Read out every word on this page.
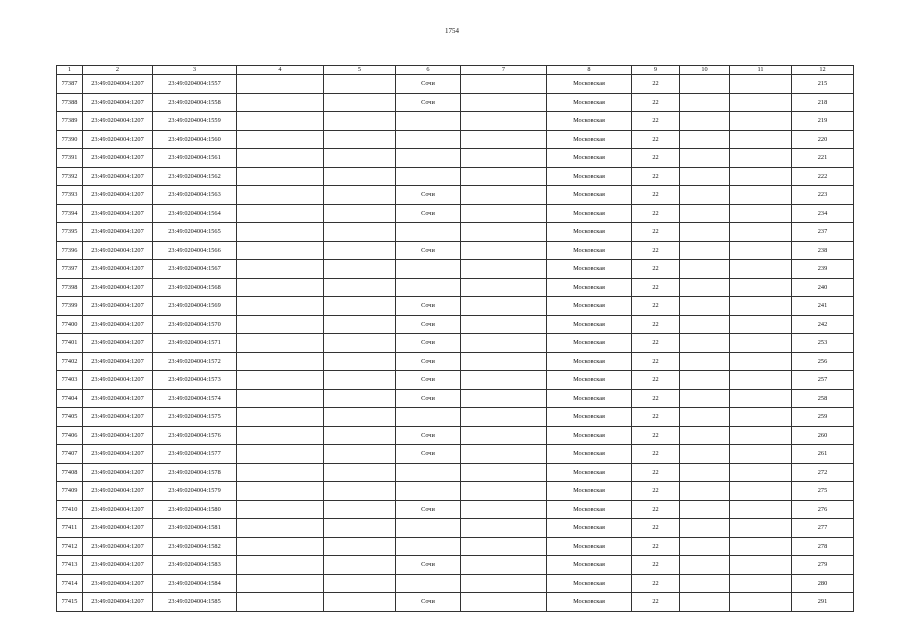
1754
1	2	3	4	5	6	7	8	9	10	11	12
77387	23:49:0204004:1207	23:49:0204004:1557			Сочи		Московская	22			215
77388	23:49:0204004:1207	23:49:0204004:1558			Сочи		Московская	22			218
77389	23:49:0204004:1207	23:49:0204004:1559					Московская	22			219
77390	23:49:0204004:1207	23:49:0204004:1560					Московская	22			220
77391	23:49:0204004:1207	23:49:0204004:1561					Московская	22			221
77392	23:49:0204004:1207	23:49:0204004:1562					Московская	22			222
77393	23:49:0204004:1207	23:49:0204004:1563			Сочи		Московская	22			223
77394	23:49:0204004:1207	23:49:0204004:1564			Сочи		Московская	22			234
77395	23:49:0204004:1207	23:49:0204004:1565					Московская	22			237
77396	23:49:0204004:1207	23:49:0204004:1566			Сочи		Московская	22			238
77397	23:49:0204004:1207	23:49:0204004:1567					Московская	22			239
77398	23:49:0204004:1207	23:49:0204004:1568					Московская	22			240
77399	23:49:0204004:1207	23:49:0204004:1569			Сочи		Московская	22			241
77400	23:49:0204004:1207	23:49:0204004:1570			Сочи		Московская	22			242
77401	23:49:0204004:1207	23:49:0204004:1571			Сочи		Московская	22			253
77402	23:49:0204004:1207	23:49:0204004:1572			Сочи		Московская	22			256
77403	23:49:0204004:1207	23:49:0204004:1573			Сочи		Московская	22			257
77404	23:49:0204004:1207	23:49:0204004:1574			Сочи		Московская	22			258
77405	23:49:0204004:1207	23:49:0204004:1575					Московская	22			259
77406	23:49:0204004:1207	23:49:0204004:1576			Сочи		Московская	22			260
77407	23:49:0204004:1207	23:49:0204004:1577			Сочи		Московская	22			261
77408	23:49:0204004:1207	23:49:0204004:1578					Московская	22			272
77409	23:49:0204004:1207	23:49:0204004:1579					Московская	22			275
77410	23:49:0204004:1207	23:49:0204004:1580			Сочи		Московская	22			276
77411	23:49:0204004:1207	23:49:0204004:1581					Московская	22			277
77412	23:49:0204004:1207	23:49:0204004:1582					Московская	22			278
77413	23:49:0204004:1207	23:49:0204004:1583			Сочи		Московская	22			279
77414	23:49:0204004:1207	23:49:0204004:1584					Московская	22			280
77415	23:49:0204004:1207	23:49:0204004:1585			Сочи		Московская	22			291
